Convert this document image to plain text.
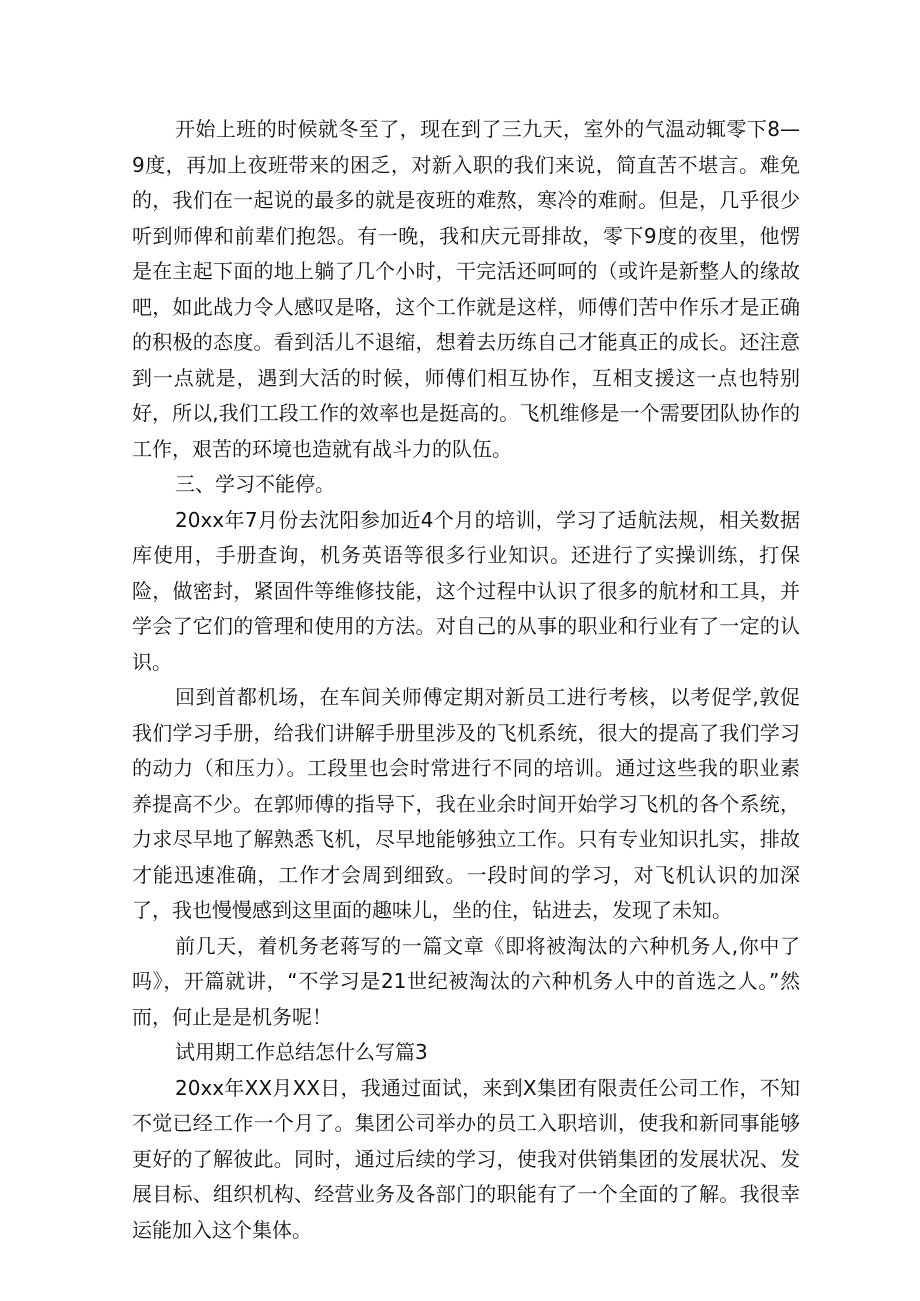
开始上班的时候就冬至了，现在到了三九天，室外的气温动辄零下8—9度，再加上夜班带来的困乏，对新入职的我们来说，简直苦不堪言。难免的，我们在一起说的最多的就是夜班的难熬，寒冷的难耐。但是，几乎很少听到师俾和前辈们抱怨。有一晚，我和庆元哥排故，零下9度的夜里，他愣是在主起下面的地上躺了几个小时，干完活还呵呵的（或许是新整人的缘故吧，如此战力令人感叹是咯，这个工作就是这样，师傅们苦中作乐才是正确的积极的态度。看到活儿不退缩，想着去历练自己才能真正的成长。还注意到一点就是，遇到大活的时候，师傅们相互协作，互相支援这一点也特别好，所以,我们工段工作的效率也是挺高的。飞机维修是一个需要团队协作的工作，艰苦的环境也造就有战斗力的队伍。

三、学习不能停。

20xx年7月份去沈阳参加近4个月的培训，学习了适航法规，相关数据库使用，手册查询，机务英语等很多行业知识。还进行了实操训练，打保险，做密封，紧固件等维修技能，这个过程中认识了很多的航材和工具，并学会了它们的管理和使用的方法。对自己的从事的职业和行业有了一定的认识。

回到首都机场，在车间关师傅定期对新员工进行考核，以考促学,敦促我们学习手册，给我们讲解手册里涉及的飞机系统，很大的提高了我们学习的动力（和压力）。工段里也会时常进行不同的培训。通过这些我的职业素养提高不少。在郭师傅的指导下，我在业余时间开始学习飞机的各个系统，力求尽早地了解熟悉飞机，尽早地能够独立工作。只有专业知识扎实，排故才能迅速准确，工作才会周到细致。一段时间的学习，对飞机认识的加深了，我也慢慢感到这里面的趣味儿，坐的住，钻进去，发现了未知。

前几天，着机务老蒋写的一篇文章《即将被淘汰的六种机务人,你中了吗》，开篇就讲，“不学习是21世纪被淘汰的六种机务人中的首选之人。”然而，何止是是机务呢！

试用期工作总结怎什么写篇3

20xx年XX月XX日，我通过面试，来到X集团有限责任公司工作，不知不觉已经工作一个月了。集团公司举办的员工入职培训，使我和新同事能够更好的了解彼此。同时，通过后续的学习，使我对供销集团的发展状况、发展目标、组织机构、经营业务及各部门的职能有了一个全面的了解。我很幸运能加入这个集体。
